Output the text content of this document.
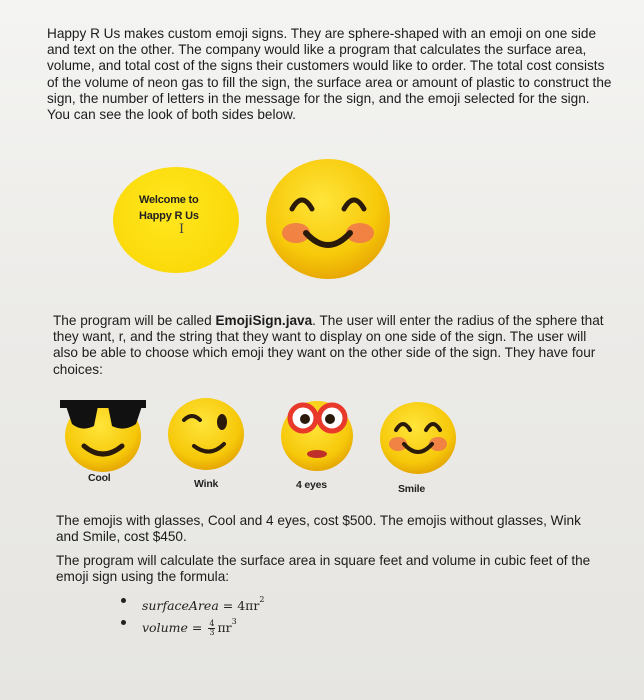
Happy R Us makes custom emoji signs. They are sphere-shaped with an emoji on one side and text on the other. The company would like a program that calculates the surface area, volume, and total cost of the signs their customers would like to order. The total cost consists of the volume of neon gas to fill the sign, the surface area or amount of plastic to construct the sign, the number of letters in the message for the sign, and the emoji selected for the sign. You can see the look of both sides below.

Welcome to
Happy R Us
I

The program will be called EmojiSign.java. The user will enter the radius of the sphere that they want, r, and the string that they want to display on one side of the sign. The user will also be able to choose which emoji they want on the other side of the sign. They have four choices:

Cool	Wink	4 eyes	Smile

The emojis with glasses, Cool and 4 eyes, cost $500. The emojis without glasses, Wink and Smile, cost $450.

The program will calculate the surface area in square feet and volume in cubic feet of the emoji sign using the formula:

surfaceArea = $4\pi r^2$
volume = $\frac{4}{3} \pi r^3$
